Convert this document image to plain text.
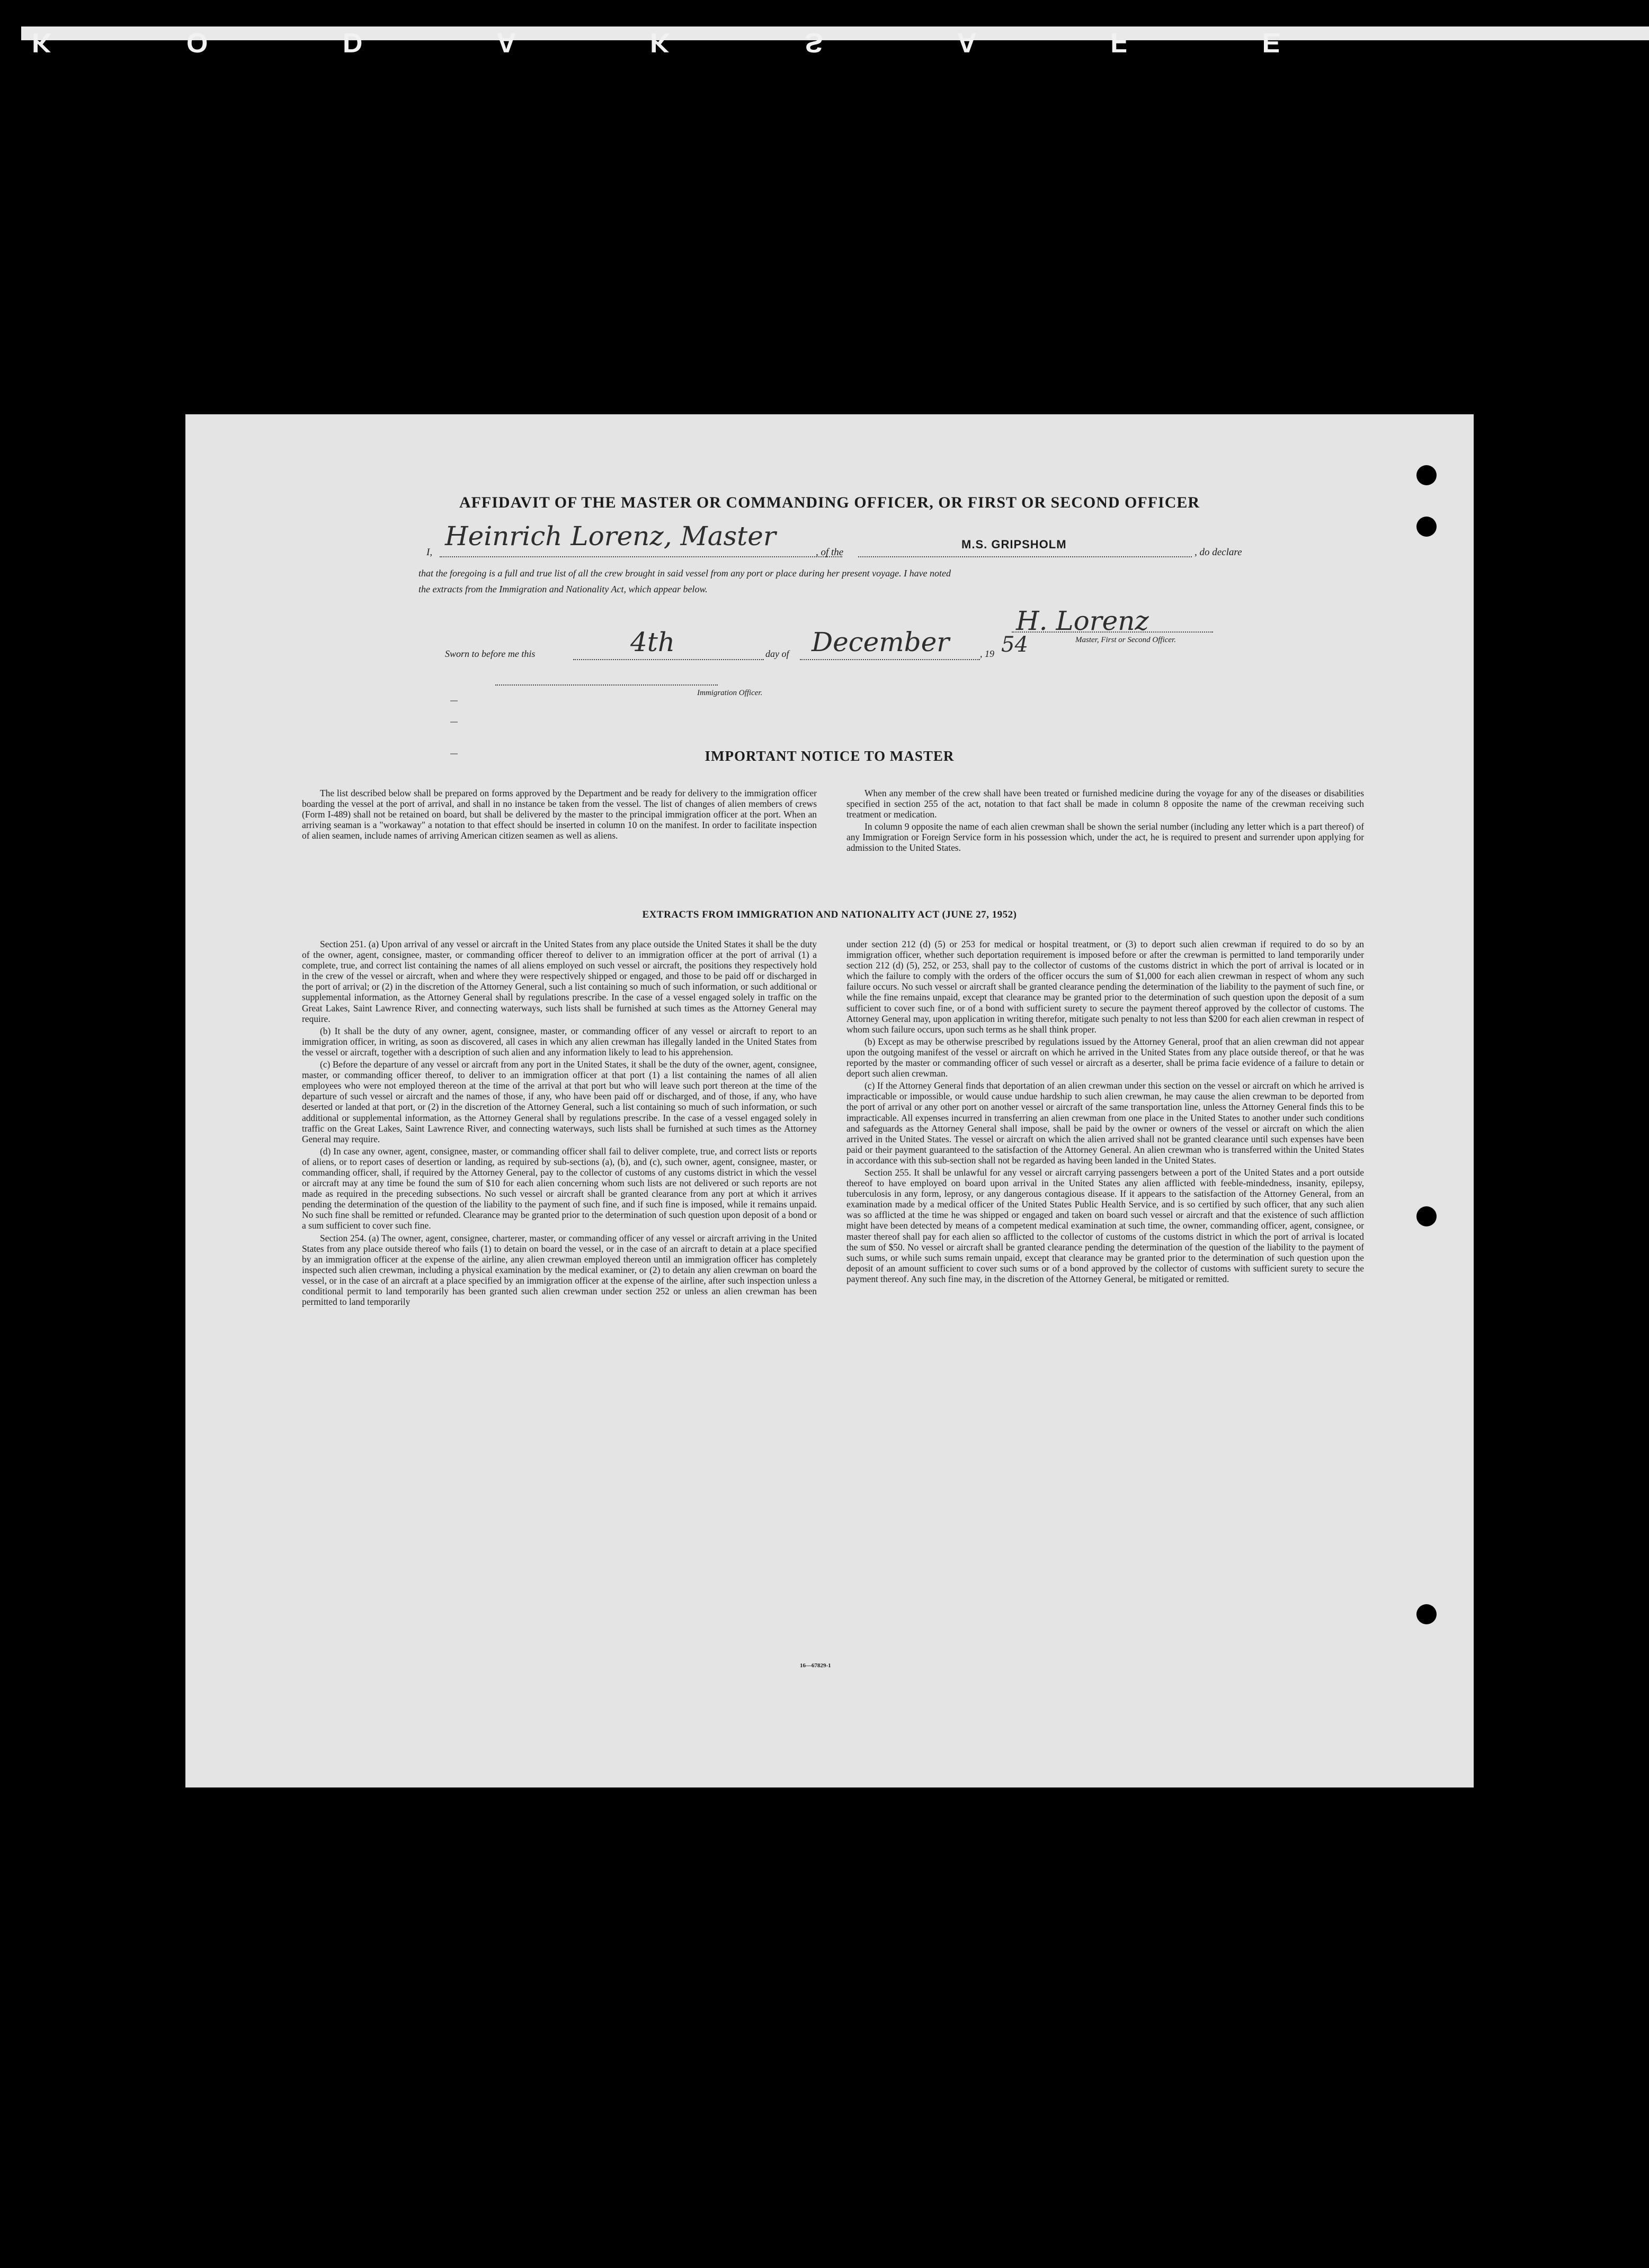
K O D A K S A F E
AFFIDAVIT OF THE MASTER OR COMMANDING OFFICER, OR FIRST OR SECOND OFFICER
I,
Heinrich Lorenz, Master
, of the
M.S. GRIPSHOLM
, do declare
that the foregoing is a full and true list of all the crew brought in said vessel from any port or place during her present voyage. I have noted
the extracts from the Immigration and Nationality Act, which appear below.
H. Lorenz
Master, First or Second Officer.
Sworn to before me this	4th	day of December	, 19 54
Immigration Officer.
IMPORTANT NOTICE TO MASTER

The list described below shall be prepared on forms approved by the Department and be ready for delivery to the immigration officer boarding the vessel at the port of arrival, and shall in no instance be taken from the vessel. The list of changes of alien members of crews (Form I-489) shall not be retained on board, but shall be delivered by the master to the principal immigration officer at the port. When an arriving seaman is a "workaway" a notation to that effect should be inserted in column 10 on the manifest. In order to facilitate inspection of alien seamen, include names of arriving American citizen seamen as well as aliens.

When any member of the crew shall have been treated or furnished medicine during the voyage for any of the diseases or disabilities specified in section 255 of the act, notation to that fact shall be made in column 8 opposite the name of the crewman receiving such treatment or medication.

In column 9 opposite the name of each alien crewman shall be shown the serial number (including any letter which is a part thereof) of any Immigration or Foreign Service form in his possession which, under the act, he is required to present and surrender upon applying for admission to the United States.

EXTRACTS FROM IMMIGRATION AND NATIONALITY ACT (JUNE 27, 1952)

Section 251. (a) Upon arrival of any vessel or aircraft in the United States from any place outside the United States it shall be the duty of the owner, agent, consignee, master, or commanding officer thereof to deliver to an immigration officer at the port of arrival (1) a complete, true, and correct list containing the names of all aliens employed on such vessel or aircraft, the positions they respectively hold in the crew of the vessel or aircraft, when and where they were respectively shipped or engaged, and those to be paid off or discharged in the port of arrival; or (2) in the discretion of the Attorney General, such a list containing so much of such information, or such additional or supplemental information, as the Attorney General shall by regulations prescribe. In the case of a vessel engaged solely in traffic on the Great Lakes, Saint Lawrence River, and connecting waterways, such lists shall be furnished at such times as the Attorney General may require.

(b) It shall be the duty of any owner, agent, consignee, master, or commanding officer of any vessel or aircraft to report to an immigration officer, in writing, as soon as discovered, all cases in which any alien crewman has illegally landed in the United States from the vessel or aircraft, together with a description of such alien and any information likely to lead to his apprehension.

(c) Before the departure of any vessel or aircraft from any port in the United States, it shall be the duty of the owner, agent, consignee, master, or commanding officer thereof, to deliver to an immigration officer at that port (1) a list containing the names of all alien employees who were not employed thereon at the time of the arrival at that port but who will leave such port thereon at the time of the departure of such vessel or aircraft and the names of those, if any, who have been paid off or discharged, and of those, if any, who have deserted or landed at that port, or (2) in the discretion of the Attorney General, such a list containing so much of such information, or such additional or supplemental information, as the Attorney General shall by regulations prescribe. In the case of a vessel engaged solely in traffic on the Great Lakes, Saint Lawrence River, and connecting waterways, such lists shall be furnished at such times as the Attorney General may require.

(d) In case any owner, agent, consignee, master, or commanding officer shall fail to deliver complete, true, and correct lists or reports of aliens, or to report cases of desertion or landing, as required by sub-sections (a), (b), and (c), such owner, agent, consignee, master, or commanding officer, shall, if required by the Attorney General, pay to the collector of customs of any customs district in which the vessel or aircraft may at any time be found the sum of $10 for each alien concerning whom such lists are not delivered or such reports are not made as required in the preceding subsections. No such vessel or aircraft shall be granted clearance from any port at which it arrives pending the determination of the question of the liability to the payment of such fine, and if such fine is imposed, while it remains unpaid. No such fine shall be remitted or refunded. Clearance may be granted prior to the determination of such question upon deposit of a bond or a sum sufficient to cover such fine.

Section 254. (a) The owner, agent, consignee, charterer, master, or commanding officer of any vessel or aircraft arriving in the United States from any place outside thereof who fails (1) to detain on board the vessel, or in the case of an aircraft to detain at a place specified by an immigration officer at the expense of the airline, any alien crewman employed thereon until an immigration officer has completely inspected such alien crewman, including a physical examination by the medical examiner, or (2) to detain any alien crewman on board the vessel, or in the case of an aircraft at a place specified by an immigration officer at the expense of the airline, after such inspection unless a conditional permit to land temporarily has been granted such alien crewman under section 252 or unless an alien crewman has been permitted to land temporarily

under section 212 (d) (5) or 253 for medical or hospital treatment, or (3) to deport such alien crewman if required to do so by an immigration officer, whether such deportation requirement is imposed before or after the crewman is permitted to land temporarily under section 212 (d) (5), 252, or 253, shall pay to the collector of customs of the customs district in which the port of arrival is located or in which the failure to comply with the orders of the officer occurs the sum of $1,000 for each alien crewman in respect of whom any such failure occurs. No such vessel or aircraft shall be granted clearance pending the determination of the liability to the payment of such fine, or while the fine remains unpaid, except that clearance may be granted prior to the determination of such question upon the deposit of a sum sufficient to cover such fine, or of a bond with sufficient surety to secure the payment thereof approved by the collector of customs. The Attorney General may, upon application in writing therefor, mitigate such penalty to not less than $200 for each alien crewman in respect of whom such failure occurs, upon such terms as he shall think proper.

(b) Except as may be otherwise prescribed by regulations issued by the Attorney General, proof that an alien crewman did not appear upon the outgoing manifest of the vessel or aircraft on which he arrived in the United States from any place outside thereof, or that he was reported by the master or commanding officer of such vessel or aircraft as a deserter, shall be prima facie evidence of a failure to detain or deport such alien crewman.

(c) If the Attorney General finds that deportation of an alien crewman under this section on the vessel or aircraft on which he arrived is impracticable or impossible, or would cause undue hardship to such alien crewman, he may cause the alien crewman to be deported from the port of arrival or any other port on another vessel or aircraft of the same transportation line, unless the Attorney General finds this to be impracticable. All expenses incurred in transferring an alien crewman from one place in the United States to another under such conditions and safeguards as the Attorney General shall impose, shall be paid by the owner or owners of the vessel or aircraft on which the alien arrived in the United States. The vessel or aircraft on which the alien arrived shall not be granted clearance until such expenses have been paid or their payment guaranteed to the satisfaction of the Attorney General. An alien crewman who is transferred within the United States in accordance with this sub-section shall not be regarded as having been landed in the United States.

Section 255. It shall be unlawful for any vessel or aircraft carrying passengers between a port of the United States and a port outside thereof to have employed on board upon arrival in the United States any alien afflicted with feeble-mindedness, insanity, epilepsy, tuberculosis in any form, leprosy, or any dangerous contagious disease. If it appears to the satisfaction of the Attorney General, from an examination made by a medical officer of the United States Public Health Service, and is so certified by such officer, that any such alien was so afflicted at the time he was shipped or engaged and taken on board such vessel or aircraft and that the existence of such affliction might have been detected by means of a competent medical examination at such time, the owner, commanding officer, agent, consignee, or master thereof shall pay for each alien so afflicted to the collector of customs of the customs district in which the port of arrival is located the sum of $50. No vessel or aircraft shall be granted clearance pending the determination of the question of the liability to the payment of such sums, or while such sums remain unpaid, except that clearance may be granted prior to the determination of such question upon the deposit of an amount sufficient to cover such sums or of a bond approved by the collector of customs with sufficient surety to secure the payment thereof. Any such fine may, in the discretion of the Attorney General, be mitigated or remitted.

16—67829-1
